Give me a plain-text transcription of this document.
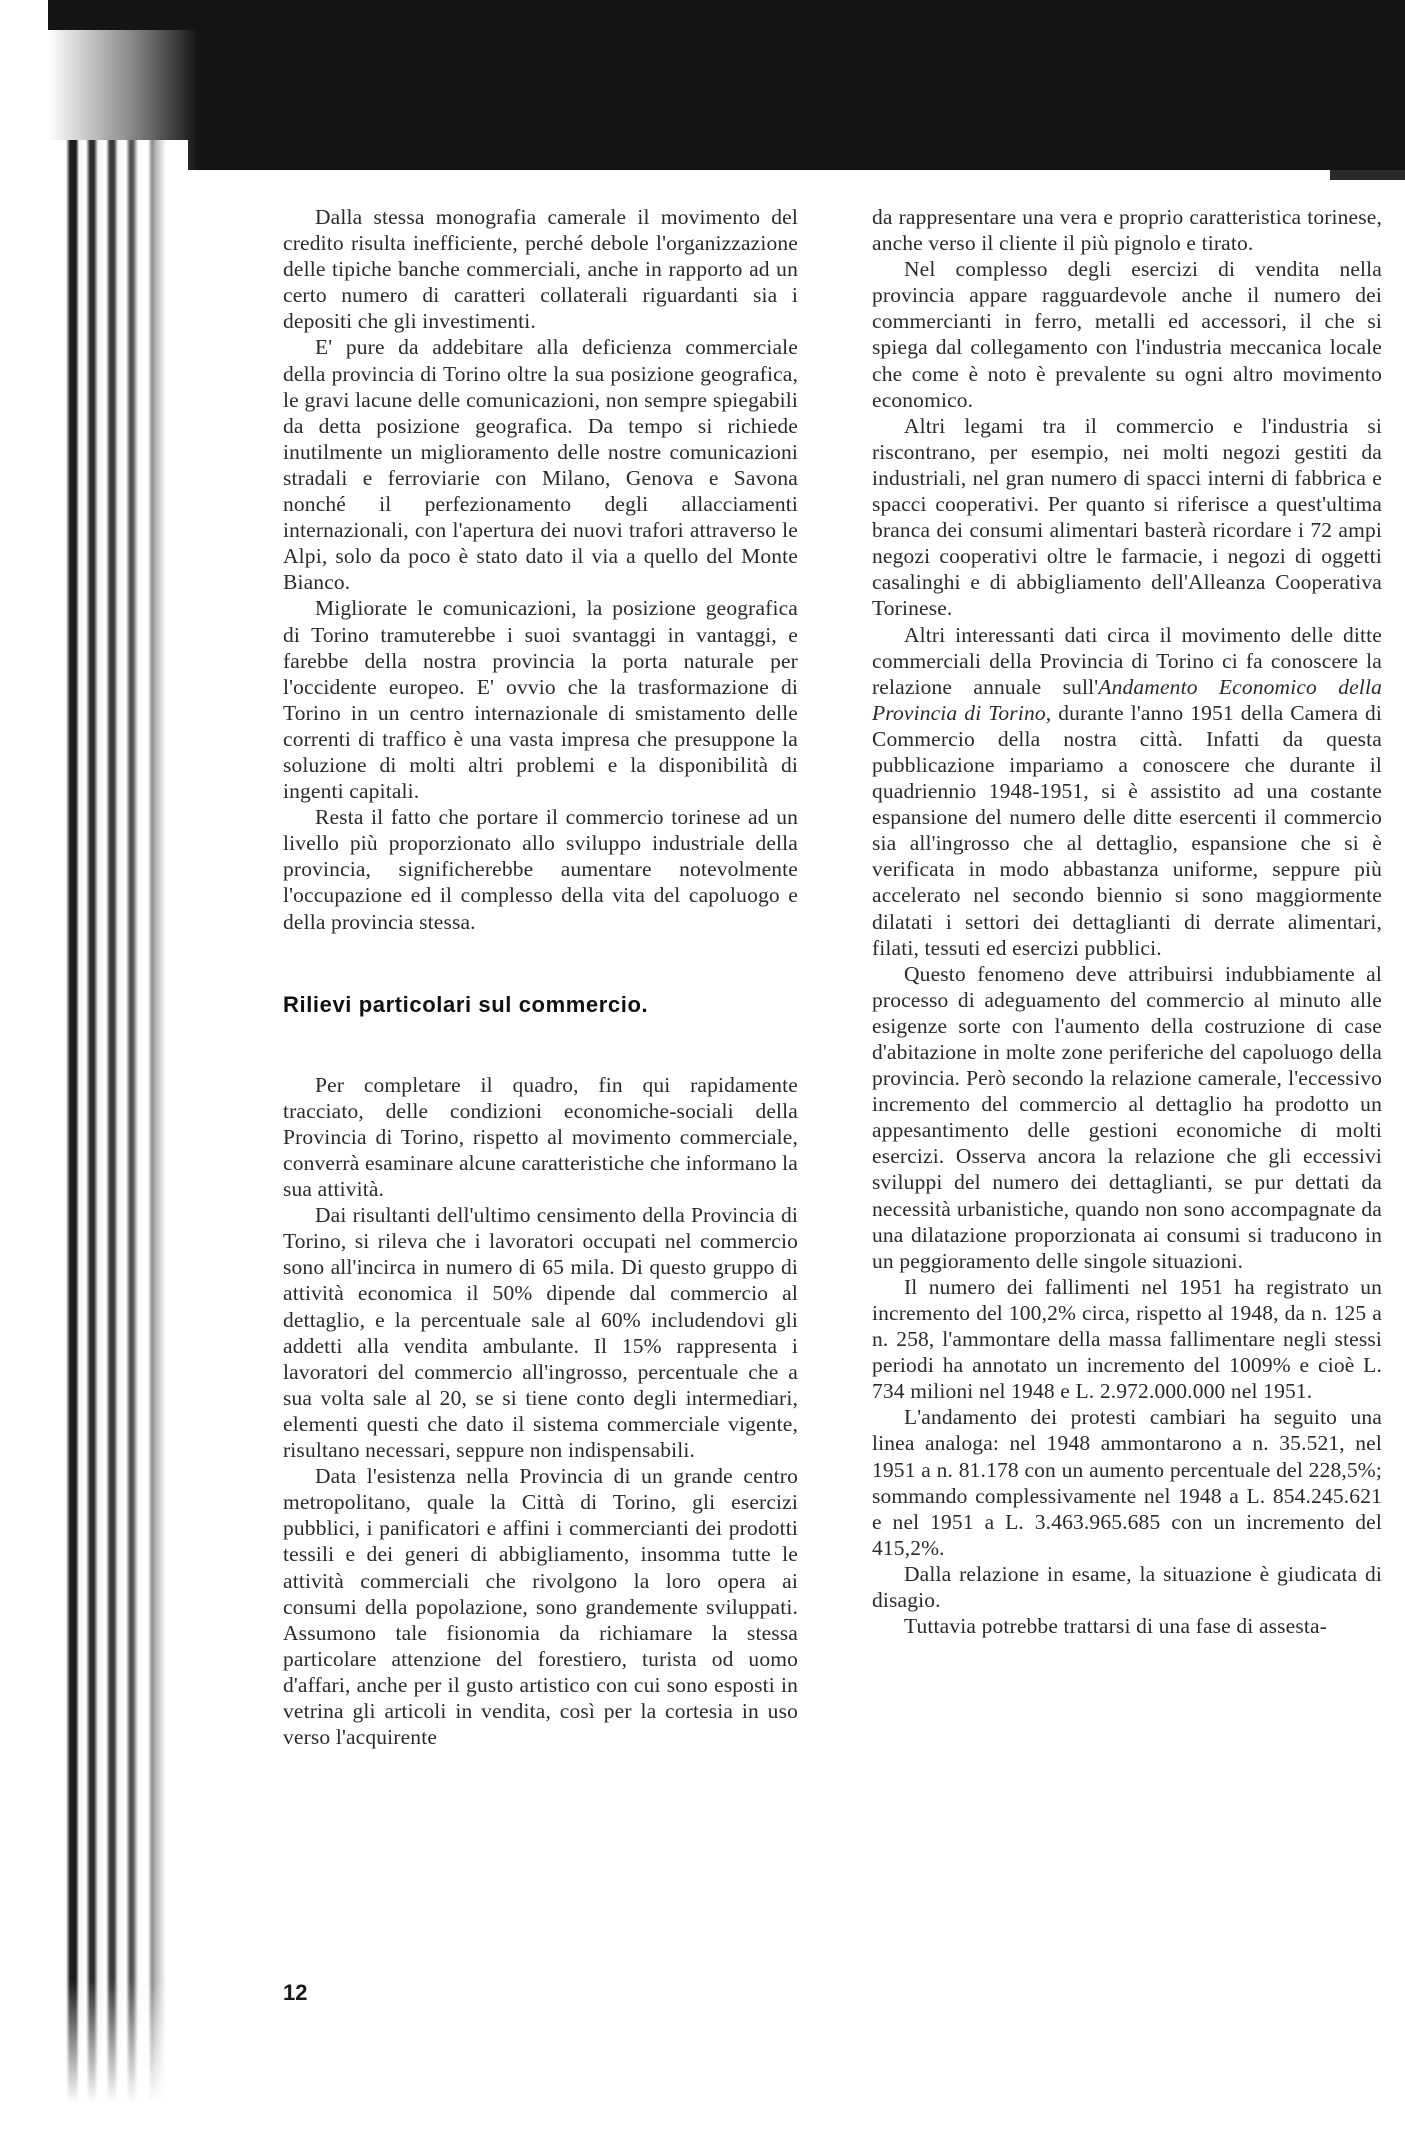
Dalla stessa monografia camerale il movimento del credito risulta inefficiente, perché debole l'organizzazione delle tipiche banche commerciali, anche in rapporto ad un certo numero di caratteri collaterali riguardanti sia i depositi che gli investimenti.

E' pure da addebitare alla deficienza commerciale della provincia di Torino oltre la sua posizione geografica, le gravi lacune delle comunicazioni, non sempre spiegabili da detta posizione geografica. Da tempo si richiede inutilmente un miglioramento delle nostre comunicazioni stradali e ferroviarie con Milano, Genova e Savona nonché il perfezionamento degli allacciamenti internazionali, con l'apertura dei nuovi trafori attraverso le Alpi, solo da poco è stato dato il via a quello del Monte Bianco.

Migliorate le comunicazioni, la posizione geografica di Torino tramuterebbe i suoi svantaggi in vantaggi, e farebbe della nostra provincia la porta naturale per l'occidente europeo. E' ovvio che la trasformazione di Torino in un centro internazionale di smistamento delle correnti di traffico è una vasta impresa che presuppone la soluzione di molti altri problemi e la disponibilità di ingenti capitali.

Resta il fatto che portare il commercio torinese ad un livello più proporzionato allo sviluppo industriale della provincia, significherebbe aumentare notevolmente l'occupazione ed il complesso della vita del capoluogo e della provincia stessa.

Rilievi particolari sul commercio.

Per completare il quadro, fin qui rapidamente tracciato, delle condizioni economiche-sociali della Provincia di Torino, rispetto al movimento commerciale, converrà esaminare alcune caratteristiche che informano la sua attività.

Dai risultanti dell'ultimo censimento della Provincia di Torino, si rileva che i lavoratori occupati nel commercio sono all'incirca in numero di 65 mila. Di questo gruppo di attività economica il 50% dipende dal commercio al dettaglio, e la percentuale sale al 60% includendovi gli addetti alla vendita ambulante. Il 15% rappresenta i lavoratori del commercio all'ingrosso, percentuale che a sua volta sale al 20, se si tiene conto degli intermediari, elementi questi che dato il sistema commerciale vigente, risultano necessari, seppure non indispensabili.

Data l'esistenza nella Provincia di un grande centro metropolitano, quale la Città di Torino, gli esercizi pubblici, i panificatori e affini i commercianti dei prodotti tessili e dei generi di abbigliamento, insomma tutte le attività commerciali che rivolgono la loro opera ai consumi della popolazione, sono grandemente sviluppati. Assumono tale fisionomia da richiamare la stessa particolare attenzione del forestiero, turista od uomo d'affari, anche per il gusto artistico con cui sono esposti in vetrina gli articoli in vendita, così per la cortesia in uso verso l'acquirente

da rappresentare una vera e proprio caratteristica torinese, anche verso il cliente il più pignolo e tirato.

Nel complesso degli esercizi di vendita nella provincia appare ragguardevole anche il numero dei commercianti in ferro, metalli ed accessori, il che si spiega dal collegamento con l'industria meccanica locale che come è noto è prevalente su ogni altro movimento economico.

Altri legami tra il commercio e l'industria si riscontrano, per esempio, nei molti negozi gestiti da industriali, nel gran numero di spacci interni di fabbrica e spacci cooperativi. Per quanto si riferisce a quest'ultima branca dei consumi alimentari basterà ricordare i 72 ampi negozi cooperativi oltre le farmacie, i negozi di oggetti casalinghi e di abbigliamento dell'Alleanza Cooperativa Torinese.

Altri interessanti dati circa il movimento delle ditte commerciali della Provincia di Torino ci fa conoscere la relazione annuale sull'Andamento Economico della Provincia di Torino, durante l'anno 1951 della Camera di Commercio della nostra città. Infatti da questa pubblicazione impariamo a conoscere che durante il quadriennio 1948-1951, si è assistito ad una costante espansione del numero delle ditte esercenti il commercio sia all'ingrosso che al dettaglio, espansione che si è verificata in modo abbastanza uniforme, seppure più accelerato nel secondo biennio si sono maggiormente dilatati i settori dei dettaglianti di derrate alimentari, filati, tessuti ed esercizi pubblici.

Questo fenomeno deve attribuirsi indubbiamente al processo di adeguamento del commercio al minuto alle esigenze sorte con l'aumento della costruzione di case d'abitazione in molte zone periferiche del capoluogo della provincia. Però secondo la relazione camerale, l'eccessivo incremento del commercio al dettaglio ha prodotto un appesantimento delle gestioni economiche di molti esercizi. Osserva ancora la relazione che gli eccessivi sviluppi del numero dei dettaglianti, se pur dettati da necessità urbanistiche, quando non sono accompagnate da una dilatazione proporzionata ai consumi si traducono in un peggioramento delle singole situazioni.

Il numero dei fallimenti nel 1951 ha registrato un incremento del 100,2% circa, rispetto al 1948, da n. 125 a n. 258, l'ammontare della massa fallimentare negli stessi periodi ha annotato un incremento del 1009% e cioè L. 734 milioni nel 1948 e L. 2.972.000.000 nel 1951.

L'andamento dei protesti cambiari ha seguito una linea analoga: nel 1948 ammontarono a n. 35.521, nel 1951 a n. 81.178 con un aumento percentuale del 228,5%; sommando complessivamente nel 1948 a L. 854.245.621 e nel 1951 a L. 3.463.965.685 con un incremento del 415,2%.

Dalla relazione in esame, la situazione è giudicata di disagio.

Tuttavia potrebbe trattarsi di una fase di assesta-

12
